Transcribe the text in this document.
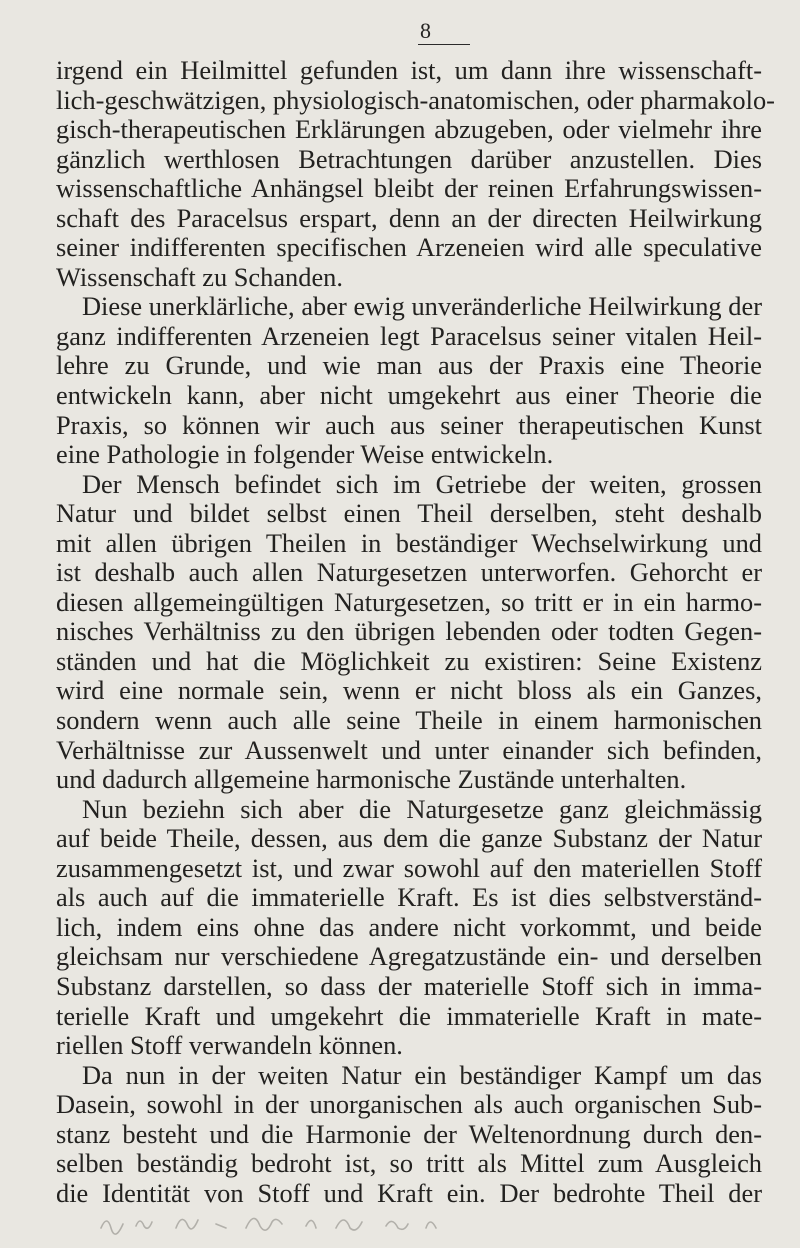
8
irgend ein Heilmittel gefunden ist, um dann ihre wissenschaft-
lich-geschwätzigen, physiologisch-anatomischen, oder pharmakolo-
gisch-therapeutischen Erklärungen abzugeben, oder vielmehr ihre
gänzlich werthlosen Betrachtungen darüber anzustellen. Dies
wissenschaftliche Anhängsel bleibt der reinen Erfahrungswissen-
schaft des Paracelsus erspart, denn an der directen Heilwirkung
seiner indifferenten specifischen Arzeneien wird alle speculative
Wissenschaft zu Schanden.
Diese unerklärliche, aber ewig unveränderliche Heilwirkung der
ganz indifferenten Arzeneien legt Paracelsus seiner vitalen Heil-
lehre zu Grunde, und wie man aus der Praxis eine Theorie
entwickeln kann, aber nicht umgekehrt aus einer Theorie die
Praxis, so können wir auch aus seiner therapeutischen Kunst
eine Pathologie in folgender Weise entwickeln.
Der Mensch befindet sich im Getriebe der weiten, grossen
Natur und bildet selbst einen Theil derselben, steht deshalb
mit allen übrigen Theilen in beständiger Wechselwirkung und
ist deshalb auch allen Naturgesetzen unterworfen. Gehorcht er
diesen allgemeingültigen Naturgesetzen, so tritt er in ein harmo-
nisches Verhältniss zu den übrigen lebenden oder todten Gegen-
ständen und hat die Möglichkeit zu existiren: Seine Existenz
wird eine normale sein, wenn er nicht bloss als ein Ganzes,
sondern wenn auch alle seine Theile in einem harmonischen
Verhältnisse zur Aussenwelt und unter einander sich befinden,
und dadurch allgemeine harmonische Zustände unterhalten.
Nun beziehn sich aber die Naturgesetze ganz gleichmässig
auf beide Theile, dessen, aus dem die ganze Substanz der Natur
zusammengesetzt ist, und zwar sowohl auf den materiellen Stoff
als auch auf die immaterielle Kraft. Es ist dies selbstverständ-
lich, indem eins ohne das andere nicht vorkommt, und beide
gleichsam nur verschiedene Agregatzustände ein- und derselben
Substanz darstellen, so dass der materielle Stoff sich in imma-
terielle Kraft und umgekehrt die immaterielle Kraft in mate-
riellen Stoff verwandeln können.
Da nun in der weiten Natur ein beständiger Kampf um das
Dasein, sowohl in der unorganischen als auch organischen Sub-
stanz besteht und die Harmonie der Weltenordnung durch den-
selben beständig bedroht ist, so tritt als Mittel zum Ausgleich
die Identität von Stoff und Kraft ein. Der bedrohte Theil der
